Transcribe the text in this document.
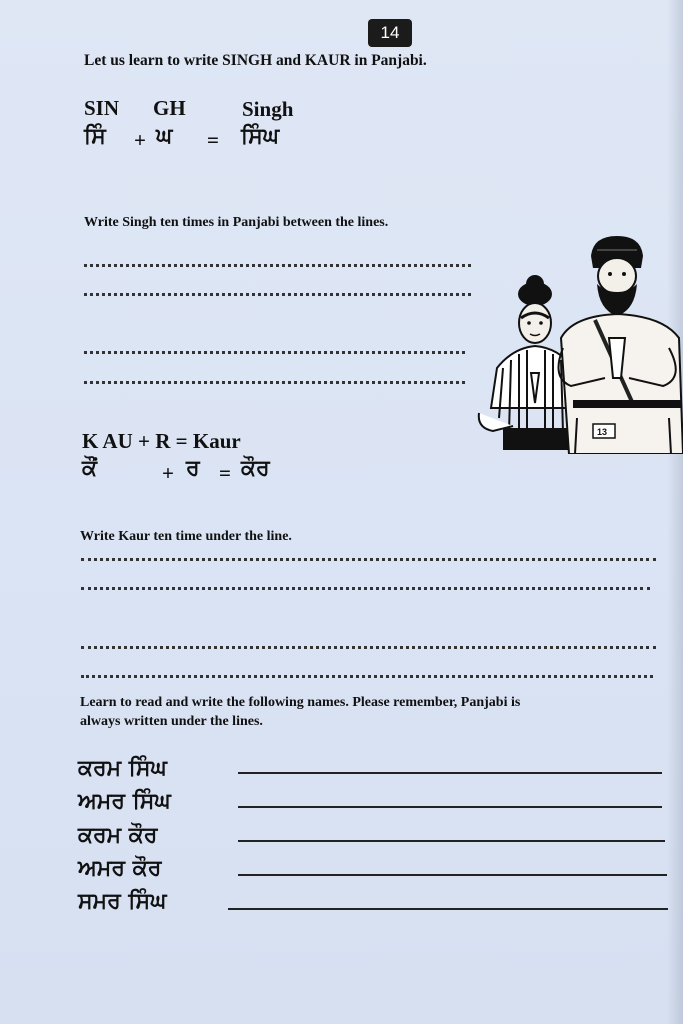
14
Let us learn to write SINGH and KAUR in Panjabi.
SIN GH	Singh
ਸਿੰ + ਘ = ਸਿੰਘ
Write Singh ten times in Panjabi between the lines.
13
K AU + R = Kaur
ਕੌਂ	+ ਰ = ਕੌਰ
Write Kaur ten time under the line.
Learn to read and write the following names. Please remember, Panjabi is
always written under the lines.
ਕਰਮ ਸਿੰਘ
ਅਮਰ ਸਿੰਘ
ਕਰਮ ਕੌਰ
ਅਮਰ ਕੌਰ
ਸਮਰ ਸਿੰਘ
